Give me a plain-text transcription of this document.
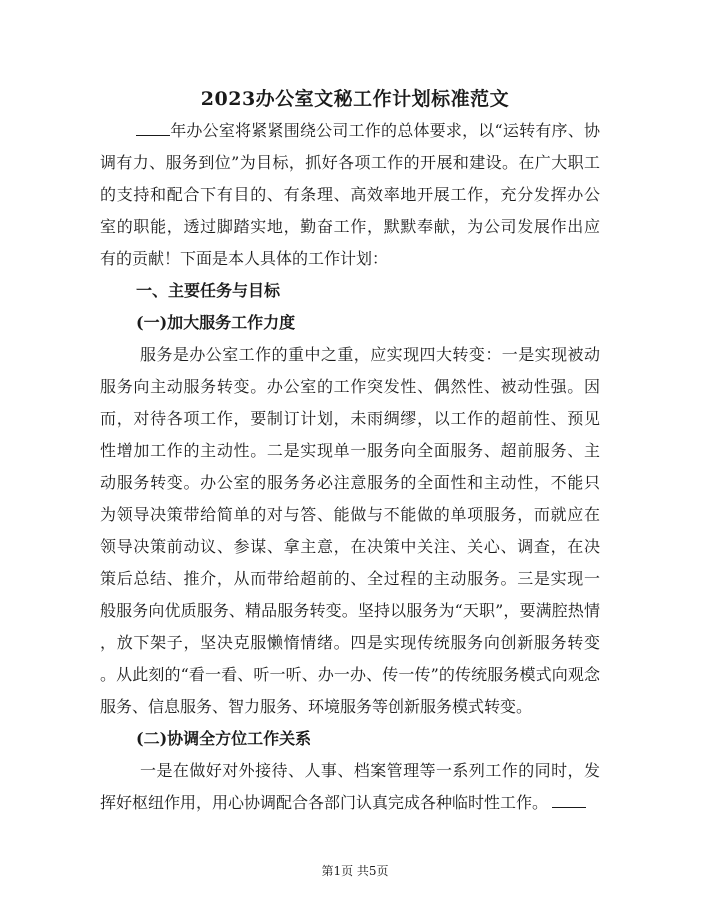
2023办公室文秘工作计划标准范文
年办公室将紧紧围绕公司工作的总体要求，以“运转有序、协
调有力、服务到位”为目标，抓好各项工作的开展和建设。在广大职工
的支持和配合下有目的、有条理、高效率地开展工作，充分发挥办公
室的职能，透过脚踏实地，勤奋工作，默默奉献，为公司发展作出应
有的贡献！下面是本人具体的工作计划：
一、主要任务与目标
(一)加大服务工作力度
服务是办公室工作的重中之重，应实现四大转变：一是实现被动
服务向主动服务转变。办公室的工作突发性、偶然性、被动性强。因
而，对待各项工作，要制订计划，未雨绸缪，以工作的超前性、预见
性增加工作的主动性。二是实现单一服务向全面服务、超前服务、主
动服务转变。办公室的服务务必注意服务的全面性和主动性，不能只
为领导决策带给简单的对与答、能做与不能做的单项服务，而就应在
领导决策前动议、参谋、拿主意，在决策中关注、关心、调查，在决
策后总结、推介，从而带给超前的、全过程的主动服务。三是实现一
般服务向优质服务、精品服务转变。坚持以服务为“天职”，要满腔热情
，放下架子，坚决克服懒惰情绪。四是实现传统服务向创新服务转变
。从此刻的“看一看、听一听、办一办、传一传”的传统服务模式向观念
服务、信息服务、智力服务、环境服务等创新服务模式转变。
(二)协调全方位工作关系
一是在做好对外接待、人事、档案管理等一系列工作的同时，发
挥好枢纽作用，用心协调配合各部门认真完成各种临时性工作。
第1页 共5页
